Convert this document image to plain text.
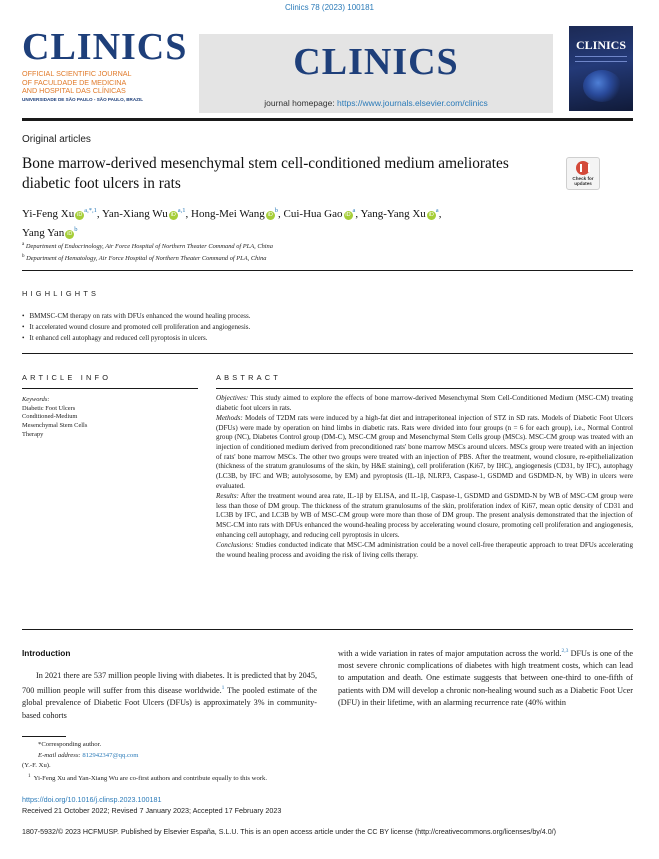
Clinics 78 (2023) 100181
CLINICS
OFFICIAL SCIENTIFIC JOURNAL
OF FACULDADE DE MEDICINA
AND HOSPITAL DAS CLÍNICAS
UNIVERSIDADE DE SÃO PAULO - SÃO PAULO, BRAZIL
CLINICS
journal homepage: https://www.journals.elsevier.com/clinics
CLINICS
Original articles
Bone marrow-derived mesenchymal stem cell-conditioned medium ameliorates diabetic foot ulcers in rats	Check for updates
Yi-Feng Xu $iD^{a,*,1}$, Yan-Xiang Wu iD$^{a,1}$, Hong-Mei Wang $iD^b$, Cui-Hua Gao $iD^a$, Yang-Yang Xu $iD^a$,
Yang Yan $iD^b$
$^a$ Department of Endocrinology, Air Force Hospital of Northern Theater Command of PLA, China
$^b$ Department of Hematology, Air Force Hospital of Northern Theater Command of PLA, China
HIGHLIGHTS
• BMMSC-CM therapy on rats with DFUs enhanced the wound healing process.
• It accelerated wound closure and promoted cell proliferation and angiogenesis.
• It enhancd cell autophagy and reduced cell pyroptosis in ulcers.
ARTICLE INFO
Keywords:
Diabetic Foot Ulcers
Conditioned-Medium
Mesenchymal Stem Cells
Therapy
ABSTRACT

Objectives: This study aimed to explore the effects of bone marrow-derived Mesenchymal Stem Cell-Conditioned Medium (MSC-CM) treating diabetic foot ulcers in rats.

Methods: Models of T2DM rats were induced by a high-fat diet and intraperitoneal injection of STZ in SD rats. Models of Diabetic Foot Ulcers (DFUs) were made by operation on hind limbs in diabetic rats. Rats were divided into four groups (n = 6 for each group), i.e., Normal Control group (NC), Diabetes Control group (DM-C), MSC-CM group and Mesenchymal Stem Cells group (MSCs). MSC-CM group was treated with an injection of conditioned medium derived from preconditioned rats' bone marrow MSCs around ulcers. MSCs group were treated with an injection of rats' bone marrow MSCs. The other two groups were treated with an injection of PBS. After the treatment, wound closure, re-epithelialization (thickness of the stratum granulosums of the skin, by H&E staining), cell proliferation (Ki67, by IHC), angiogenesis (CD31, by IFC), autophagy (LC3B, by IFC and WB; autolysosome, by EM) and pyroptosis (IL-1β, NLRP3, Caspase-1, GSDMD and GSDMD-N, by WB) in ulcers were evaluated.

Results: After the treatment wound area rate, IL-1β by ELISA, and IL-1β, Caspase-1, GSDMD and GSDMD-N by WB of MSC-CM group were less than those of DM group. The thickness of the stratum granulosums of the skin, proliferation index of Ki67, mean optic density of CD31 and LC3B by IFC, and LC3B by WB of MSC-CM group were more than those of DM group. The present analysis demonstrated that the injection of MSC-CM into rats with DFUs enhanced the wound-healing process by accelerating wound closure, promoting cell proliferation and angiogenesis, enhancing cell autophagy, and reducing cell pyroptosis in ulcers.

Conclusions: Studies conducted indicate that MSC-CM administration could be a novel cell-free therapeutic approach to treat DFUs accelerating the wound healing process and avoiding the risk of living cells therapy.

Introduction
In 2021 there are 537 million people living with diabetes. It is predicted that by 2045, 700 million people will suffer from this disease worldwide.$^1$ The pooled estimate of the global prevalence of Diabetic Foot Ulcers (DFUs) is approximately 3% in community-based cohorts
with a wide variation in rates of major amputation across the world.$^{2,3}$ DFUs is one of the most severe chronic complications of diabetes with high treatment costs, which can lead to amputation and death. One estimate suggests that between one-third to one-fifth of patients with DM will develop a chronic non-healing wound such as a Diabetic Foot Ucer (DFU) in their lifetime, with an alarming recurrence rate (40% within
*Corresponding author.
E-mail address: 812942347@qq.com
(Y.-F. Xu).
$^1$ Yi-Feng Xu and Yan-Xiang Wu are co-first authors and contribute equally to this work.
https://doi.org/10.1016/j.clinsp.2023.100181
Received 21 October 2022; Revised 7 January 2023; Accepted 17 February 2023
1807-5932/© 2023 HCFMUSP. Published by Elsevier España, S.L.U. This is an open access article under the CC BY license (http://creativecommons.org/licenses/by/4.0/)
